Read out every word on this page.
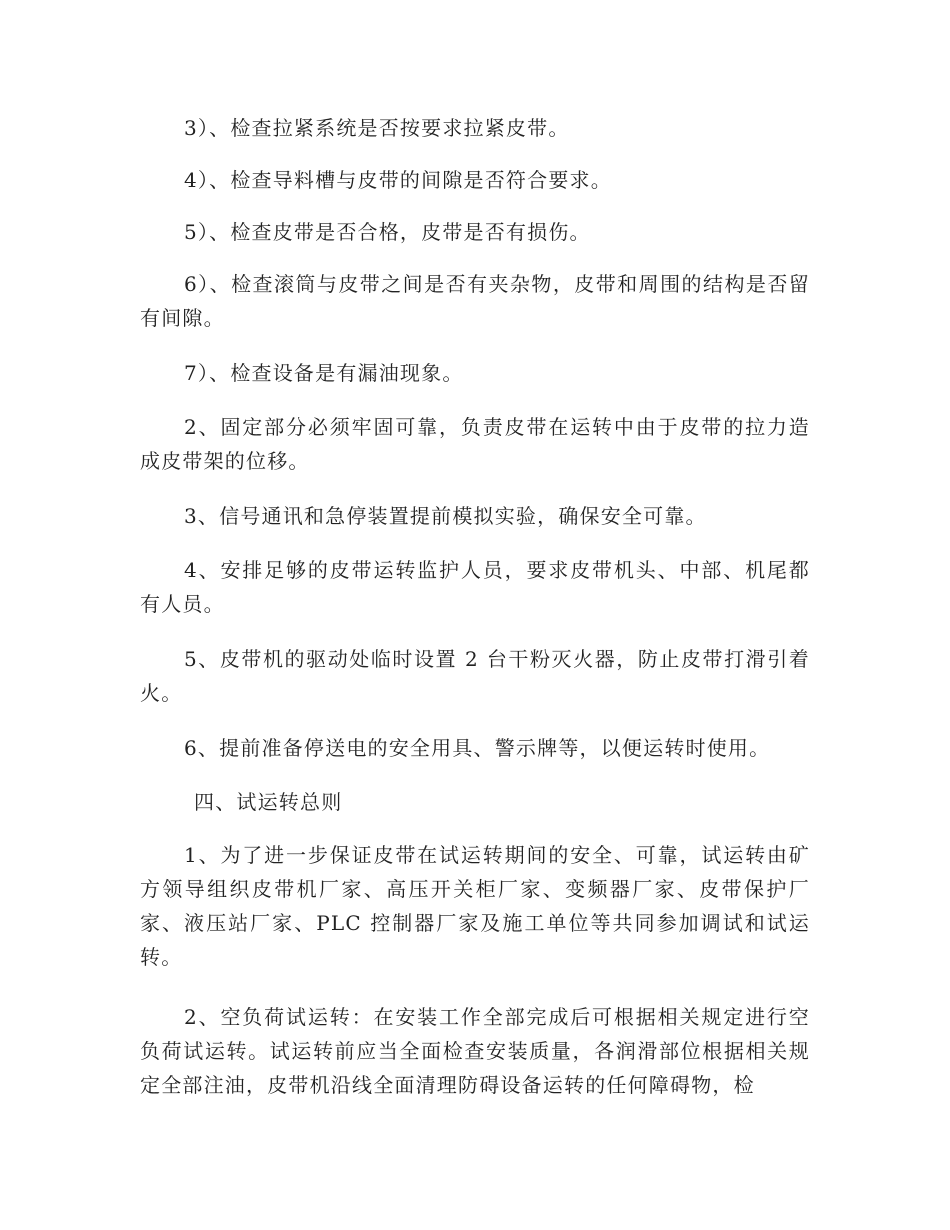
3）、检查拉紧系统是否按要求拉紧皮带。

4）、检查导料槽与皮带的间隙是否符合要求。

5）、检查皮带是否合格，皮带是否有损伤。

6）、检查滚筒与皮带之间是否有夹杂物，皮带和周围的结构是否留有间隙。

7）、检查设备是有漏油现象。

2、固定部分必须牢固可靠，负责皮带在运转中由于皮带的拉力造成皮带架的位移。

3、信号通讯和急停装置提前模拟实验，确保安全可靠。

4、安排足够的皮带运转监护人员，要求皮带机头、中部、机尾都有人员。

5、皮带机的驱动处临时设置 2 台干粉灭火器，防止皮带打滑引着火。

6、提前准备停送电的安全用具、警示牌等，以便运转时使用。

四、试运转总则

1、为了进一步保证皮带在试运转期间的安全、可靠，试运转由矿方领导组织皮带机厂家、高压开关柜厂家、变频器厂家、皮带保护厂家、液压站厂家、PLC 控制器厂家及施工单位等共同参加调试和试运转。

2、空负荷试运转：在安装工作全部完成后可根据相关规定进行空负荷试运转。试运转前应当全面检查安装质量，各润滑部位根据相关规定全部注油，皮带机沿线全面清理防碍设备运转的任何障碍物，检
